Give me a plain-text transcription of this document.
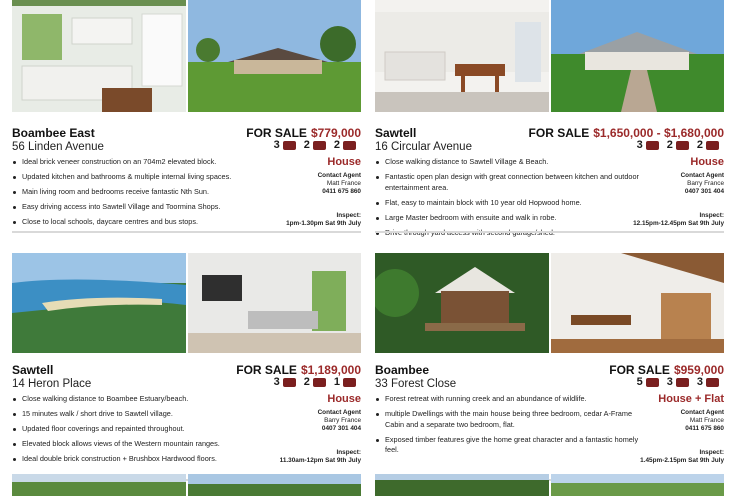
Boambee East
56 Linden Avenue
FOR SALE $779,000
3 2 2
House
Ideal brick veneer construction on an 704m2 elevated block.
Updated kitchen and bathrooms & multiple internal living spaces.
Main living room and bedrooms receive fantastic Nth Sun.
Easy driving access into Sawtell Village and Toormina Shops.
Close to local schools, daycare centres and bus stops.
Contact Agent
Matt France
0411 675 860
Inspect:
1pm-1.30pm Sat 9th July
Sawtell
16 Circular Avenue
FOR SALE $1,650,000 - $1,680,000
3 2 2
House
Close walking distance to Sawtell Village & Beach.
Fantastic open plan design with great connection between kitchen and outdoor entertainment area.
Flat, easy to maintain block with 10 year old Hopwood home.
Large Master bedroom with ensuite and walk in robe.
Contact Agent
Barry France
0407 301 404
Inspect:
12.15pm-12.45pm Sat 9th July
Sawtell
14 Heron Place
FOR SALE $1,189,000
3 2 1
House
Close walking distance to Boambee Estuary/beach.
15 minutes walk / short drive to Sawtell village.
Updated floor coverings and repainted throughout.
Elevated block allows views of the Western mountain ranges.
Ideal double brick construction + Brushbox Hardwood floors.
Contact Agent
Barry France
0407 301 404
Inspect:
11.30am-12pm Sat 9th July
Boambee
33 Forest Close
FOR SALE $959,000
5 3 3
House + Flat
Forest retreat with running creek and an abundance of wildlife.
multiple Dwellings with the main house being three bedroom, cedar A-Frame Cabin and a separate two bedroom, flat.
Exposed timber features give the home great character and a fantastic homely feel.
Contact Agent
Matt France
0411 675 860
Inspect:
1.45pm-2.15pm Sat 9th July
